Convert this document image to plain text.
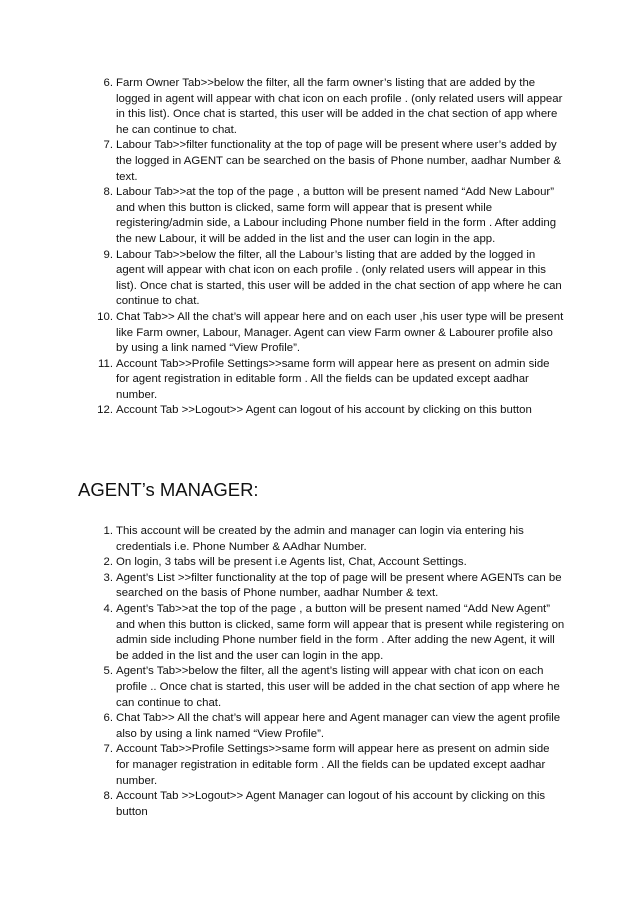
6. Farm Owner Tab>>below the filter, all the farm owner’s listing that are added by the logged in agent will appear with chat icon on each profile . (only related users will appear in this list). Once chat is started, this user will be added in the chat section of app where he can continue to chat.
7. Labour Tab>>filter functionality at the top of page will be present where user’s added by the logged in AGENT can be searched on the basis of Phone number, aadhar Number & text.
8. Labour Tab>>at the top of the page , a button will be present named “Add New Labour” and when this button is clicked, same form will appear that is present while registering/admin side, a Labour including Phone number field in the form . After adding the new Labour, it will be added in the list and the user can login in the app.
9. Labour Tab>>below the filter, all the Labour’s listing that are added by the logged in agent will appear with chat icon on each profile . (only related users will appear in this list). Once chat is started, this user will be added in the chat section of app where he can continue to chat.
10. Chat Tab>> All the chat’s will appear here and on each user ,his user type will be present like Farm owner, Labour, Manager. Agent can view Farm owner & Labourer profile also by using a link named “View Profile”.
11. Account Tab>>Profile Settings>>same form will appear here as present on admin side for agent registration in editable form . All the fields can be updated except aadhar number.
12. Account Tab >>Logout>> Agent can logout of his account by clicking on this button
AGENT’s MANAGER:
1. This account will be created by the admin and manager can login via entering his credentials i.e. Phone Number & AAdhar Number.
2. On login, 3 tabs will be present i.e Agents list, Chat, Account Settings.
3. Agent’s List >>filter functionality at the top of page will be present where AGENTs can be searched on the basis of Phone number, aadhar Number & text.
4. Agent’s Tab>>at the top of the page , a button will be present named “Add New Agent” and when this button is clicked, same form will appear that is present while registering on admin side including Phone number field in the form . After adding the new Agent, it will be added in the list and the user can login in the app.
5. Agent’s Tab>>below the filter, all the agent’s listing will appear with chat icon on each profile .. Once chat is started, this user will be added in the chat section of app where he can continue to chat.
6. Chat Tab>> All the chat’s will appear here and Agent manager can view the agent profile also by using a link named “View Profile”.
7. Account Tab>>Profile Settings>>same form will appear here as present on admin side for manager registration in editable form . All the fields can be updated except aadhar number.
8. Account Tab >>Logout>> Agent Manager can logout of his account by clicking on this button
